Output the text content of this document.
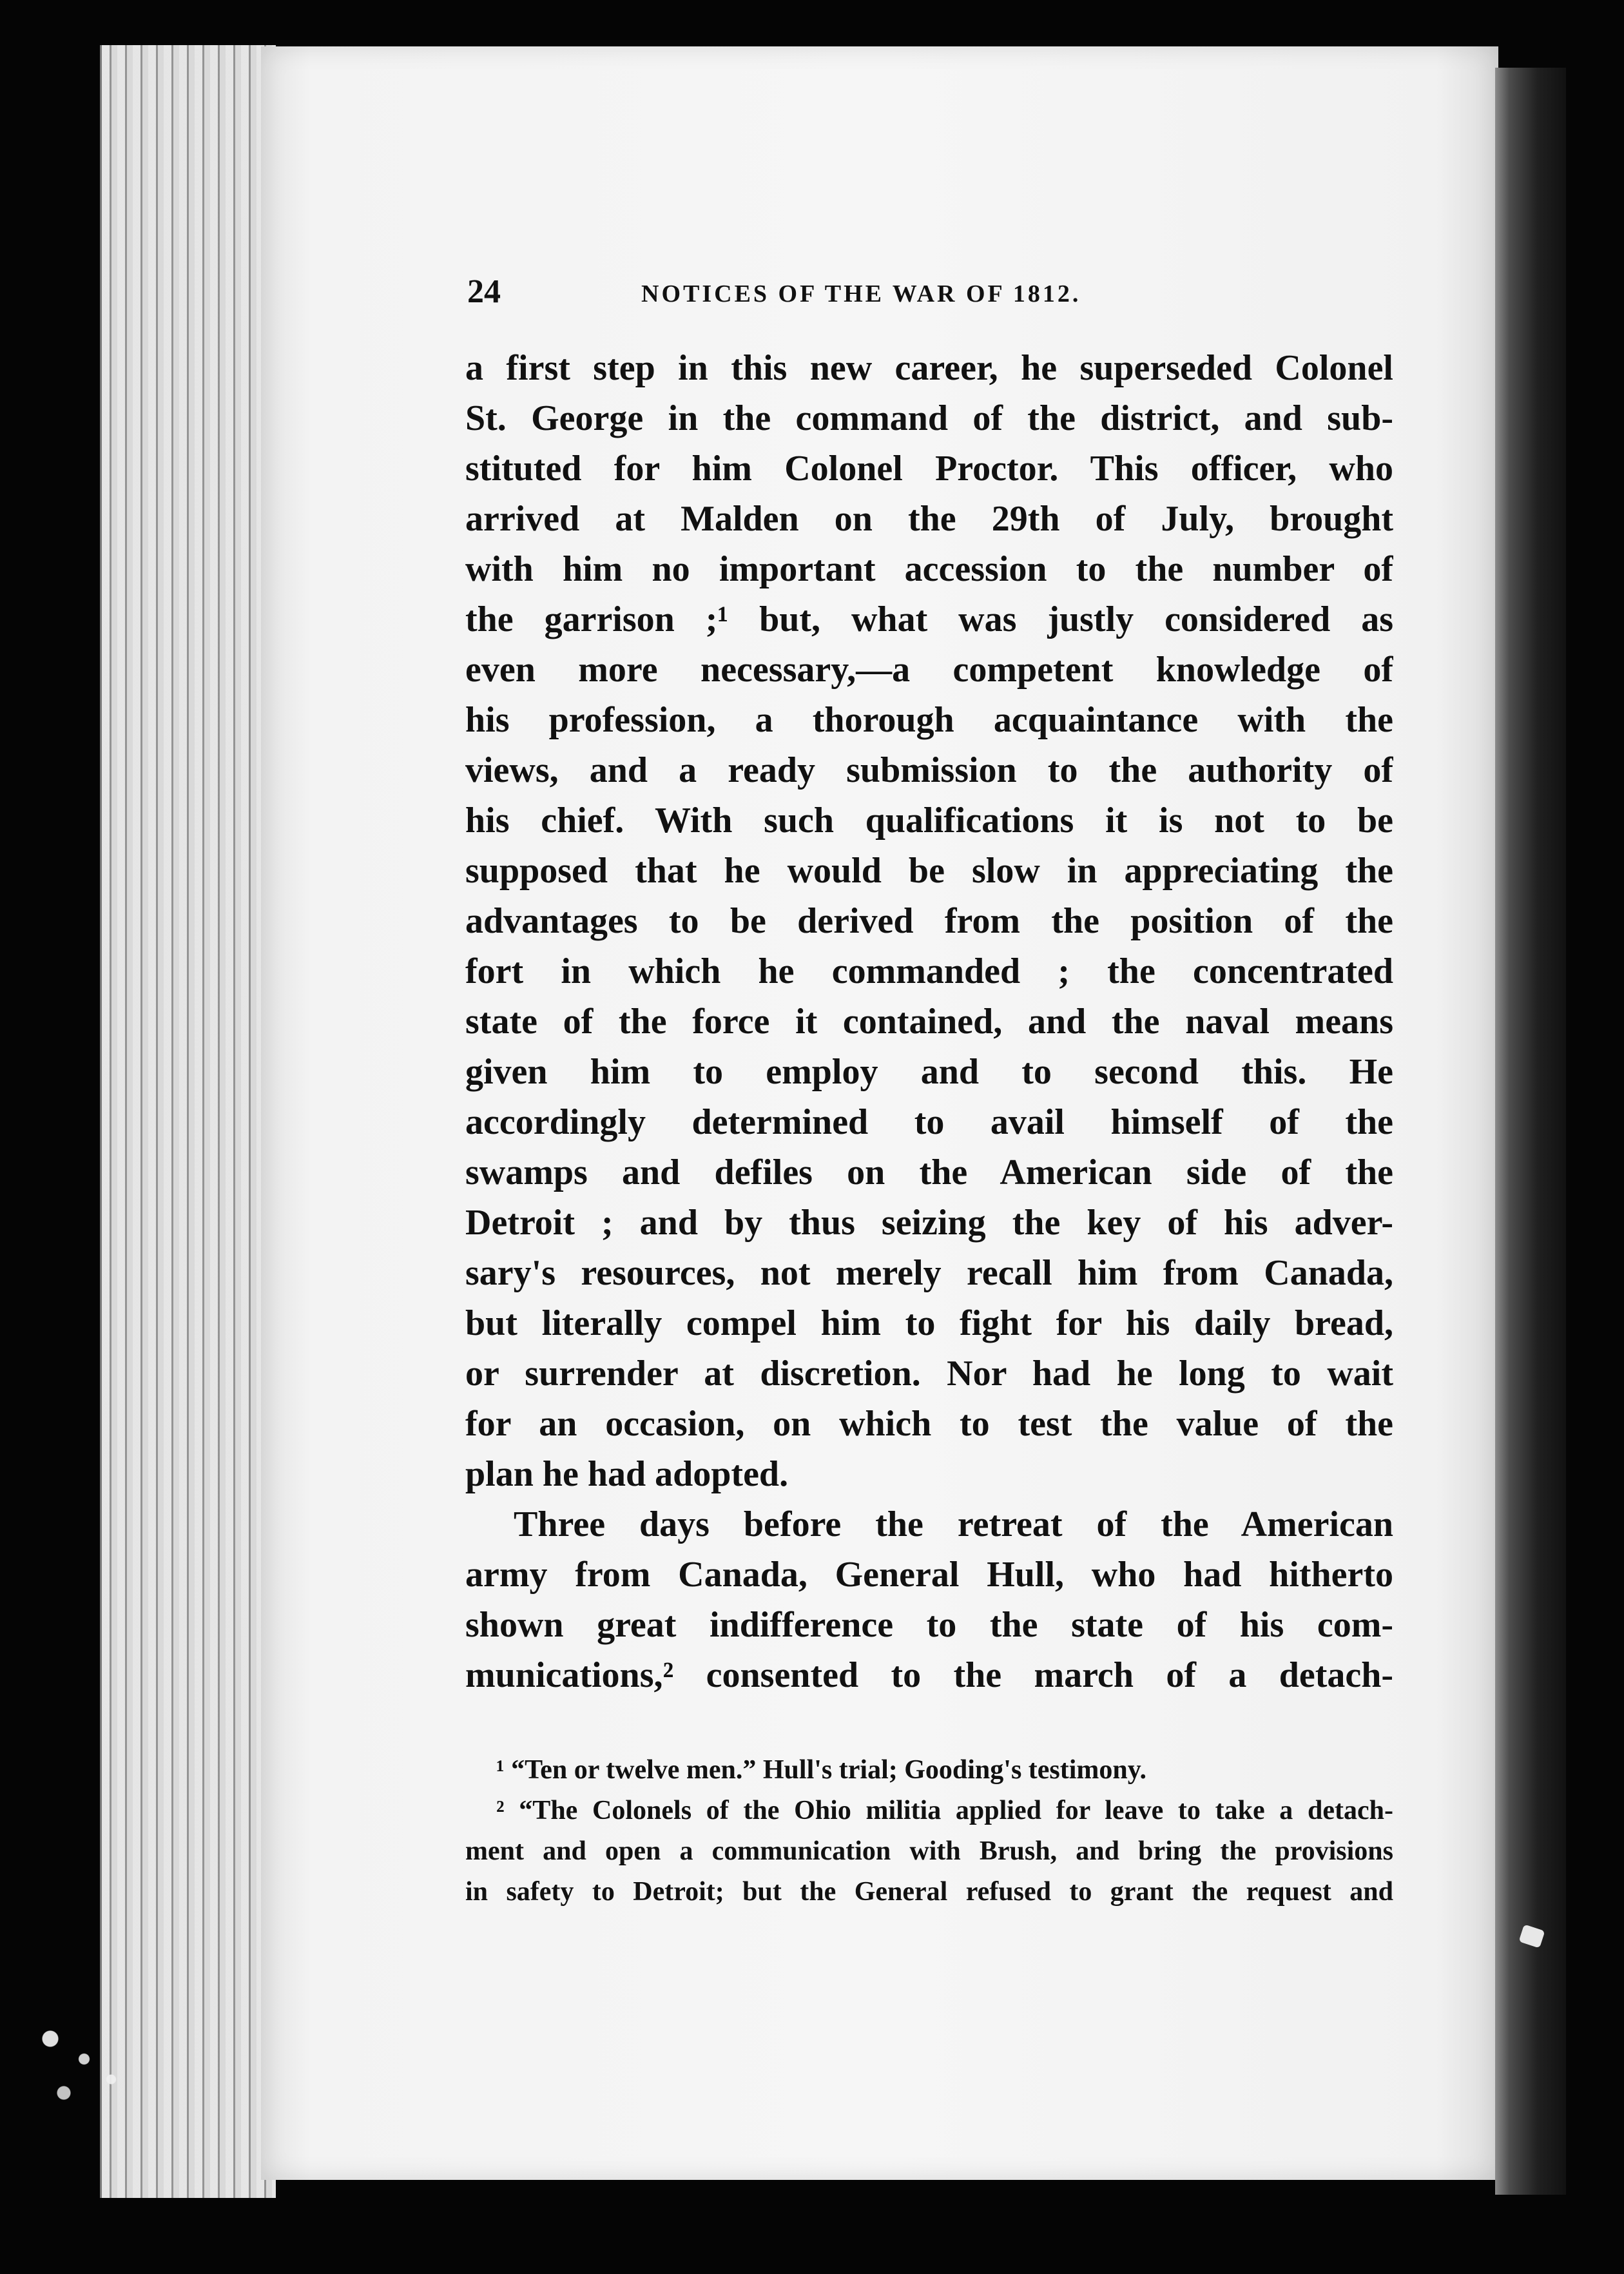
24	NOTICES OF THE WAR OF 1812.
a first step in this new career, he superseded Colonel
St. George in the command of the district, and sub-
stituted for him Colonel Proctor. This officer, who
arrived at Malden on the 29th of July, brought
with him no important accession to the number of
the garrison ;¹ but, what was justly considered as
even more necessary,—a competent knowledge of
his profession, a thorough acquaintance with the
views, and a ready submission to the authority of
his chief. With such qualifications it is not to be
supposed that he would be slow in appreciating the
advantages to be derived from the position of the
fort in which he commanded ; the concentrated
state of the force it contained, and the naval means
given him to employ and to second this. He
accordingly determined to avail himself of the
swamps and defiles on the American side of the
Detroit ; and by thus seizing the key of his adver-
sary's resources, not merely recall him from Canada,
but literally compel him to fight for his daily bread,
or surrender at discretion. Nor had he long to wait
for an occasion, on which to test the value of the
plan he had adopted.
Three days before the retreat of the American
army from Canada, General Hull, who had hitherto
shown great indifference to the state of his com-
munications,² consented to the march of a detach-
¹ “Ten or twelve men.” Hull's trial; Gooding's testimony.
² “The Colonels of the Ohio militia applied for leave to take a detach-
ment and open a communication with Brush, and bring the provisions
in safety to Detroit; but the General refused to grant the request and
